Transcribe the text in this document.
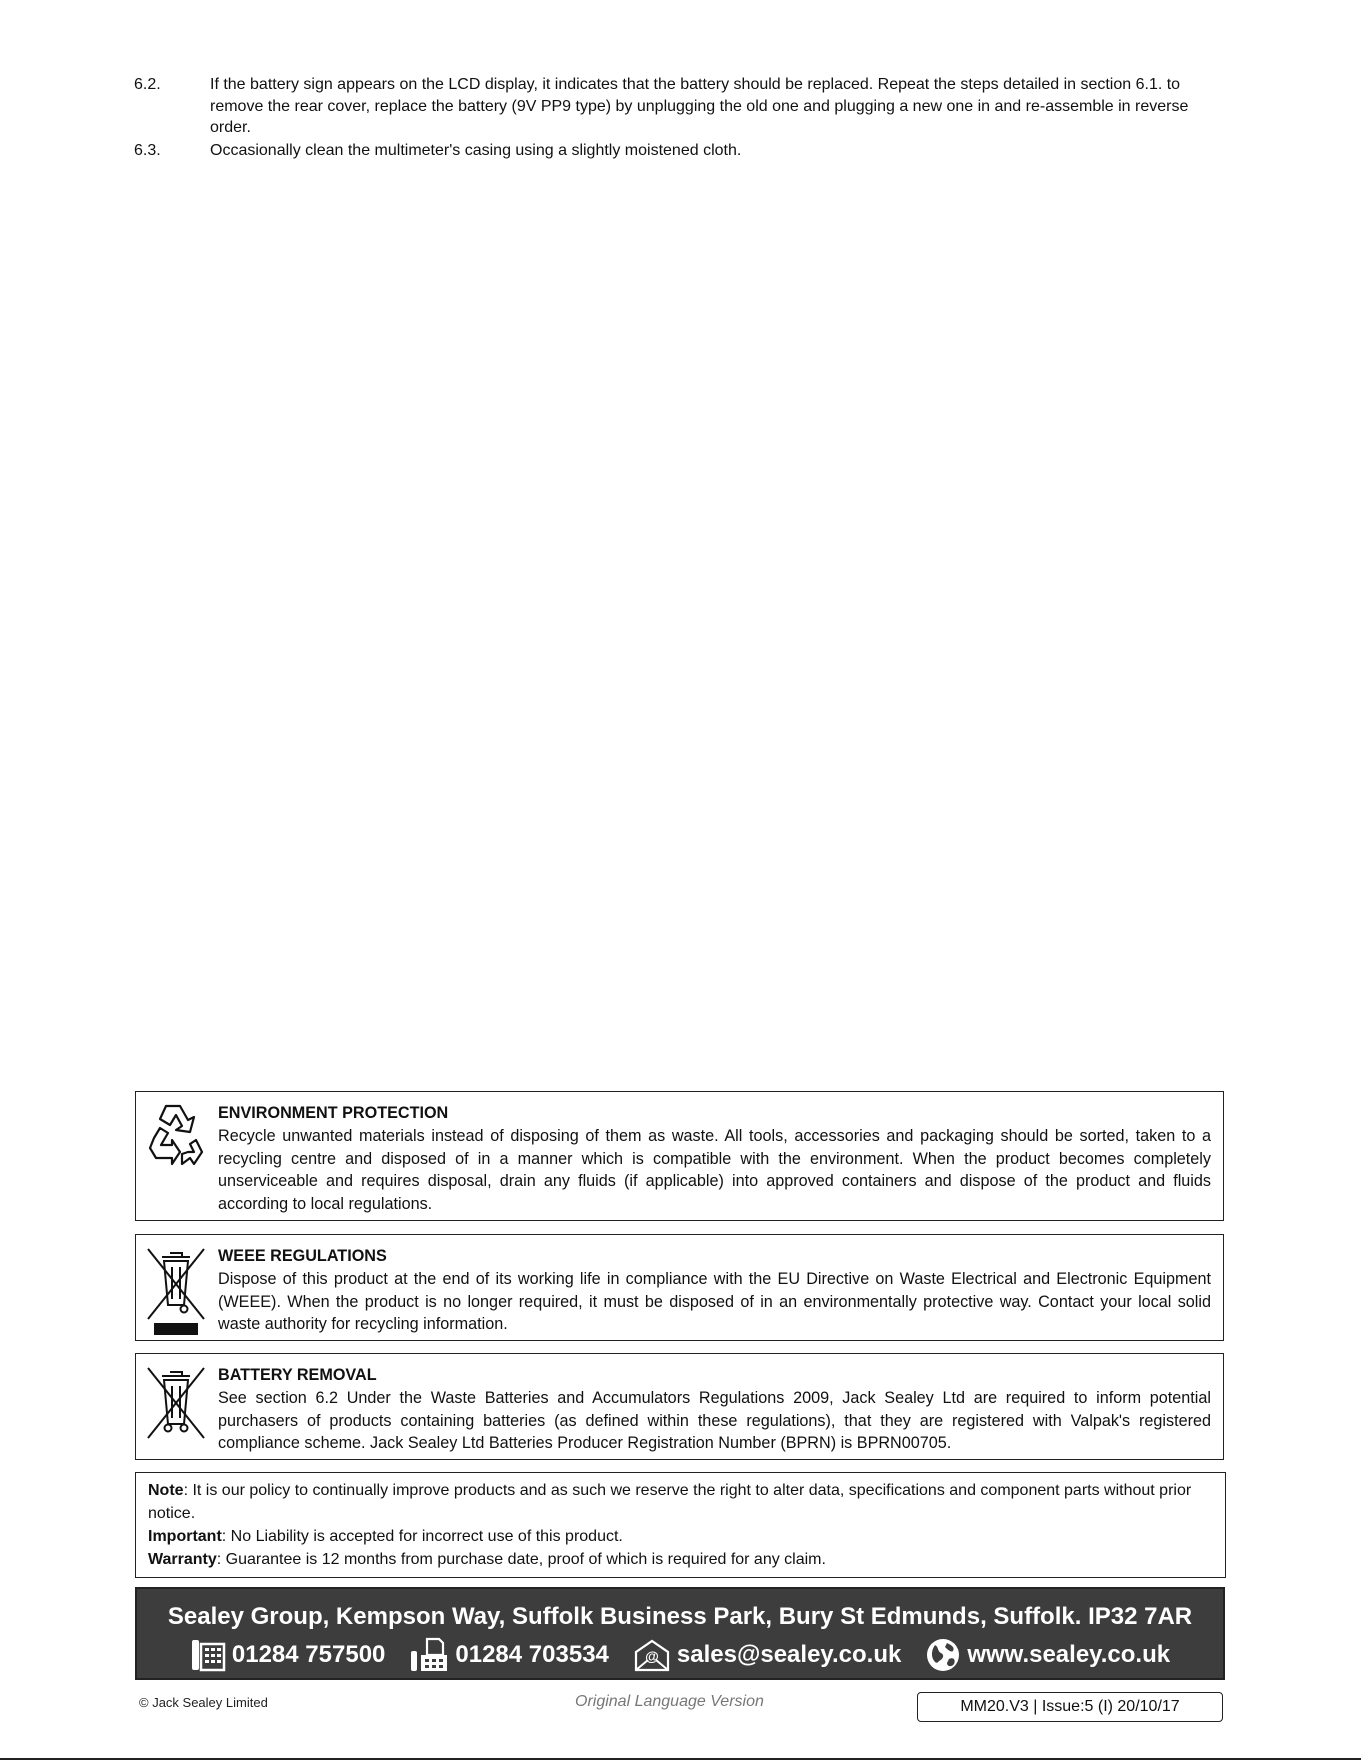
6.2.	If the battery sign appears on the LCD display, it indicates that the battery should be replaced. Repeat the steps detailed in section 6.1. to remove the rear cover, replace the battery (9V PP9 type) by unplugging the old one and plugging a new one in and re-assemble in reverse order.
6.3.	Occasionally clean the multimeter's casing using a slightly moistened cloth.
ENVIRONMENT PROTECTION
Recycle unwanted materials instead of disposing of them as waste. All tools, accessories and packaging should be sorted, taken to a recycling centre and disposed of in a manner which is compatible with the environment. When the product becomes completely unserviceable and requires disposal, drain any fluids (if applicable) into approved containers and dispose of the product and fluids according to local regulations.
WEEE REGULATIONS
Dispose of this product at the end of its working life in compliance with the EU Directive on Waste Electrical and Electronic Equipment (WEEE). When the product is no longer required, it must be disposed of in an environmentally protective way. Contact your local solid waste authority for recycling information.
BATTERY REMOVAL
See section 6.2 Under the Waste Batteries and Accumulators Regulations 2009, Jack Sealey Ltd are required to inform potential purchasers of products containing batteries (as defined within these regulations), that they are registered with Valpak's registered compliance scheme. Jack Sealey Ltd Batteries Producer Registration Number (BPRN) is BPRN00705.
Note: It is our policy to continually improve products and as such we reserve the right to alter data, specifications and component parts without prior notice.
Important: No Liability is accepted for incorrect use of this product.
Warranty: Guarantee is 12 months from purchase date, proof of which is required for any claim.
Sealey Group, Kempson Way, Suffolk Business Park, Bury St Edmunds, Suffolk. IP32 7AR
01284 757500	01284 703534	@ sales@sealey.co.uk	www.sealey.co.uk
© Jack Sealey Limited	Original Language Version	MM20.V3 | Issue:5 (I) 20/10/17
